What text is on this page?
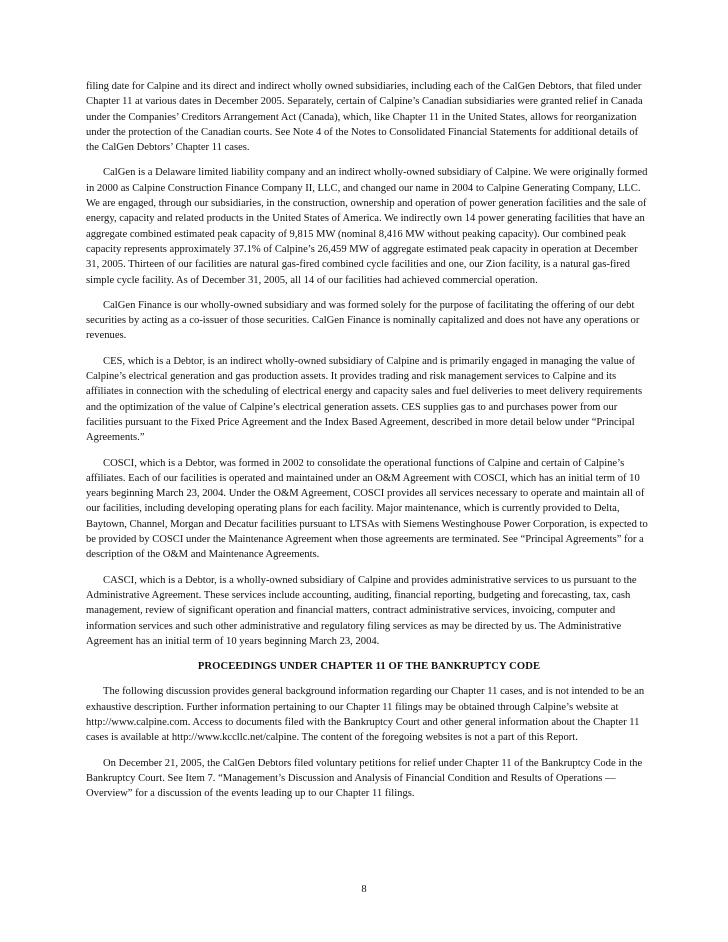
filing date for Calpine and its direct and indirect wholly owned subsidiaries, including each of the CalGen Debtors, that filed under Chapter 11 at various dates in December 2005. Separately, certain of Calpine’s Canadian subsidiaries were granted relief in Canada under the Companies’ Creditors Arrangement Act (Canada), which, like Chapter 11 in the United States, allows for reorganization under the protection of the Canadian courts. See Note 4 of the Notes to Consolidated Financial Statements for additional details of the CalGen Debtors’ Chapter 11 cases.

CalGen is a Delaware limited liability company and an indirect wholly-owned subsidiary of Calpine. We were originally formed in 2000 as Calpine Construction Finance Company II, LLC, and changed our name in 2004 to Calpine Generating Company, LLC. We are engaged, through our subsidiaries, in the construction, ownership and operation of power generation facilities and the sale of energy, capacity and related products in the United States of America. We indirectly own 14 power generating facilities that have an aggregate combined estimated peak capacity of 9,815 MW (nominal 8,416 MW without peaking capacity). Our combined peak capacity represents approximately 37.1% of Calpine’s 26,459 MW of aggregate estimated peak capacity in operation at December 31, 2005. Thirteen of our facilities are natural gas-fired combined cycle facilities and one, our Zion facility, is a natural gas-fired simple cycle facility. As of December 31, 2005, all 14 of our facilities had achieved commercial operation.

CalGen Finance is our wholly-owned subsidiary and was formed solely for the purpose of facilitating the offering of our debt securities by acting as a co-issuer of those securities. CalGen Finance is nominally capitalized and does not have any operations or revenues.

CES, which is a Debtor, is an indirect wholly-owned subsidiary of Calpine and is primarily engaged in managing the value of Calpine’s electrical generation and gas production assets. It provides trading and risk management services to Calpine and its affiliates in connection with the scheduling of electrical energy and capacity sales and fuel deliveries to meet delivery requirements and the optimization of the value of Calpine’s electrical generation assets. CES supplies gas to and purchases power from our facilities pursuant to the Fixed Price Agreement and the Index Based Agreement, described in more detail below under “Principal Agreements.”

COSCI, which is a Debtor, was formed in 2002 to consolidate the operational functions of Calpine and certain of Calpine’s affiliates. Each of our facilities is operated and maintained under an O&M Agreement with COSCI, which has an initial term of 10 years beginning March 23, 2004. Under the O&M Agreement, COSCI provides all services necessary to operate and maintain all of our facilities, including developing operating plans for each facility. Major maintenance, which is currently provided to Delta, Baytown, Channel, Morgan and Decatur facilities pursuant to LTSAs with Siemens Westinghouse Power Corporation, is expected to be provided by COSCI under the Maintenance Agreement when those agreements are terminated. See “Principal Agreements” for a description of the O&M and Maintenance Agreements.

CASCI, which is a Debtor, is a wholly-owned subsidiary of Calpine and provides administrative services to us pursuant to the Administrative Agreement. These services include accounting, auditing, financial reporting, budgeting and forecasting, tax, cash management, review of significant operation and financial matters, contract administrative services, invoicing, computer and information services and such other administrative and regulatory filing services as may be directed by us. The Administrative Agreement has an initial term of 10 years beginning March 23, 2004.

PROCEEDINGS UNDER CHAPTER 11 OF THE BANKRUPTCY CODE

The following discussion provides general background information regarding our Chapter 11 cases, and is not intended to be an exhaustive description. Further information pertaining to our Chapter 11 filings may be obtained through Calpine’s website at http://www.calpine.com. Access to documents filed with the Bankruptcy Court and other general information about the Chapter 11 cases is available at http://www.kccllc.net/calpine. The content of the foregoing websites is not a part of this Report.

On December 21, 2005, the CalGen Debtors filed voluntary petitions for relief under Chapter 11 of the Bankruptcy Code in the Bankruptcy Court. See Item 7. “Management’s Discussion and Analysis of Financial Condition and Results of Operations — Overview” for a discussion of the events leading up to our Chapter 11 filings.

8
